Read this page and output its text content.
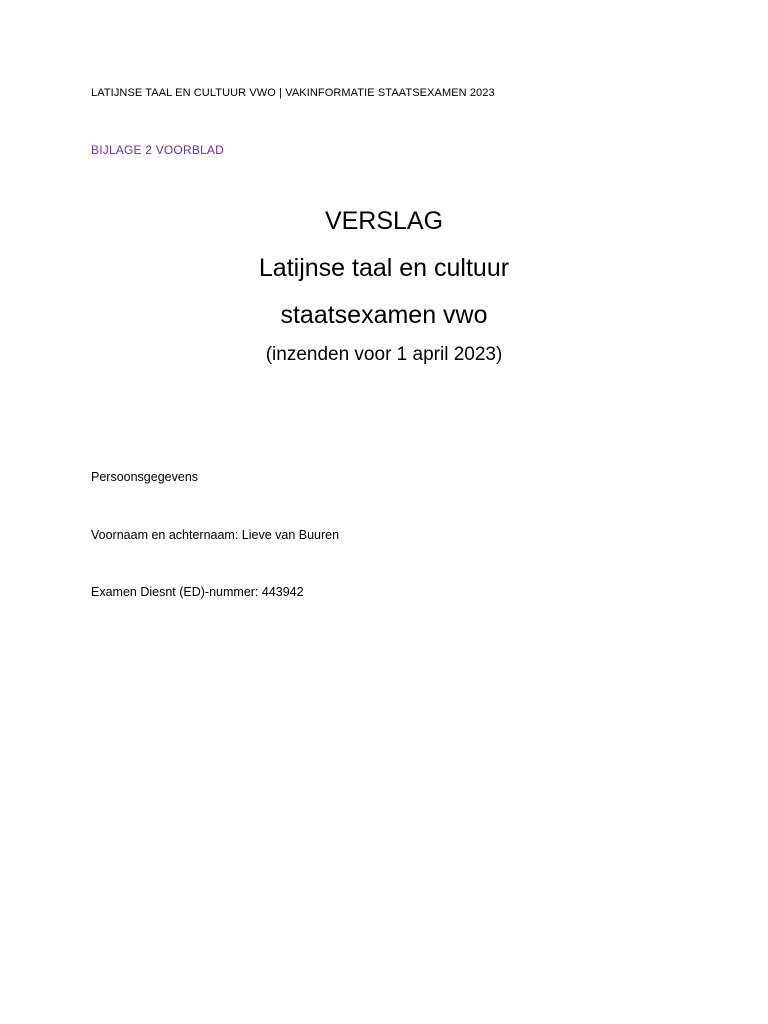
LATIJNSE TAAL EN CULTUUR VWO | VAKINFORMATIE STAATSEXAMEN 2023
BIJLAGE 2 VOORBLAD
VERSLAG
Latijnse taal en cultuur
staatsexamen vwo
(inzenden voor 1 april 2023)
Persoonsgegevens
Voornaam en achternaam: Lieve van Buuren
Examen Diesnt (ED)-nummer: 443942
